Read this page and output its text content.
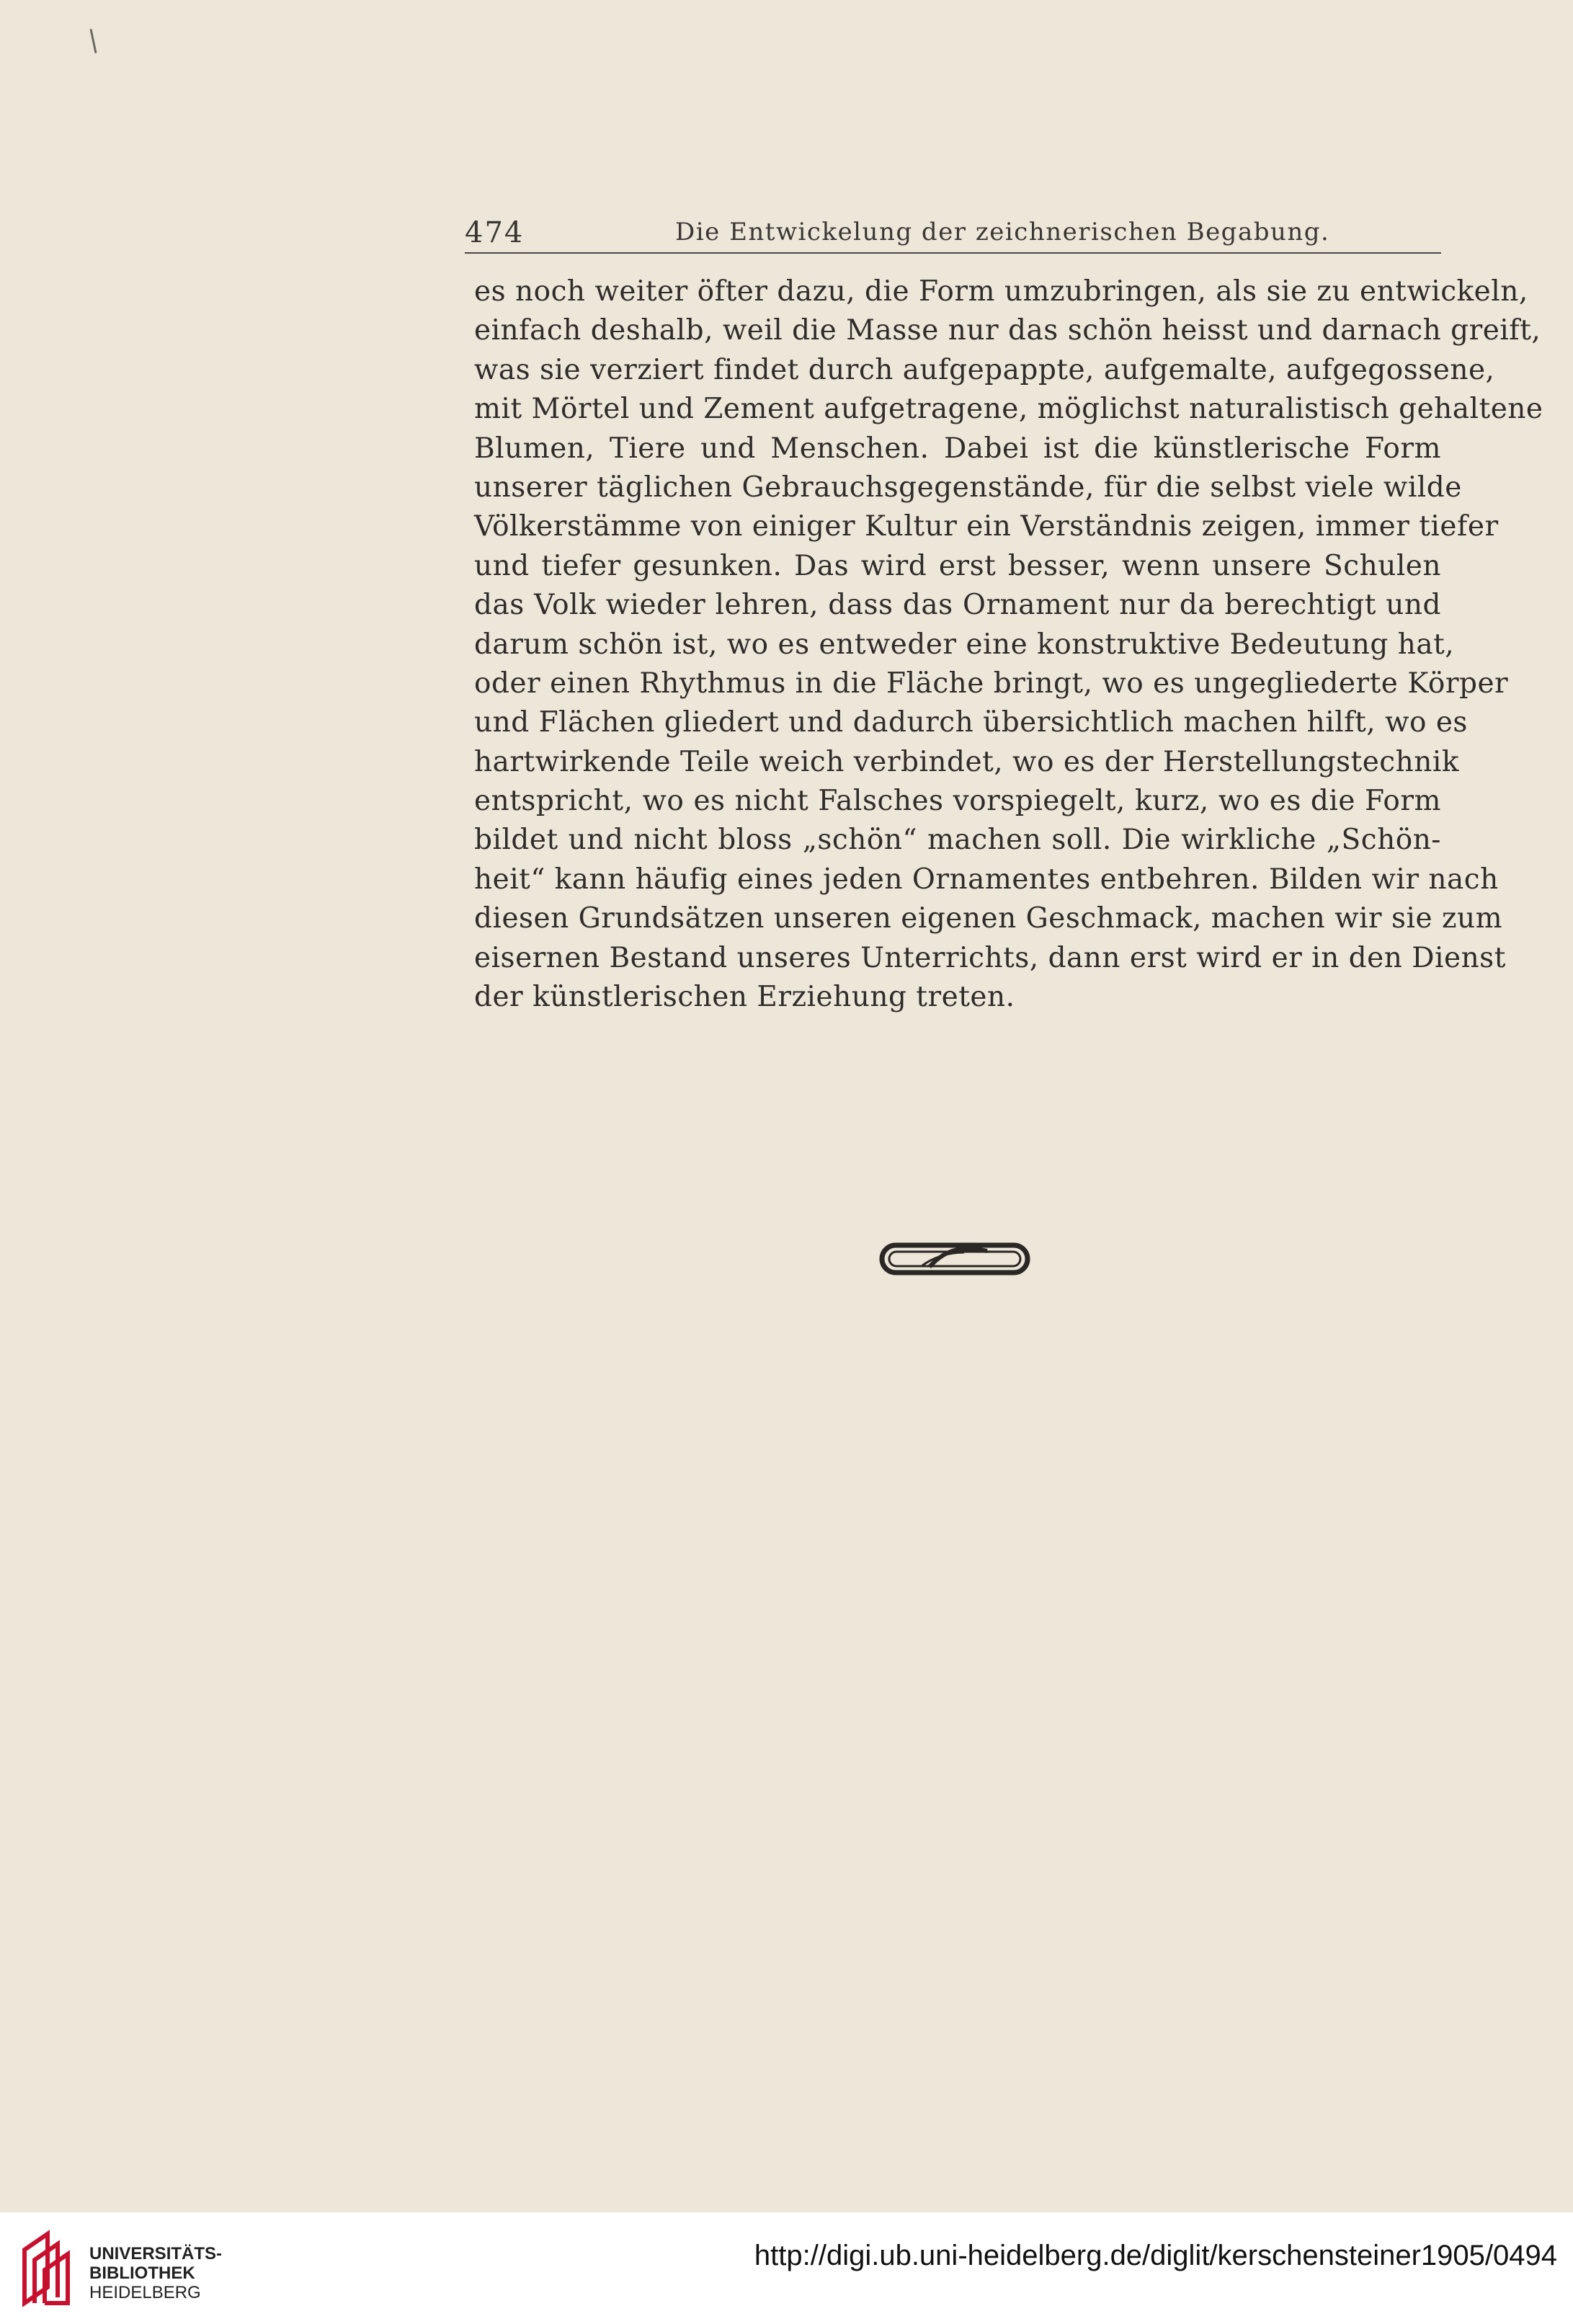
474	Die Entwickelung der zeichnerischen Begabung.
es noch weiter öfter dazu, die Form umzubringen, als sie zu entwickeln,
einfach deshalb, weil die Masse nur das schön heisst und darnach greift,
was sie verziert findet durch aufgepappte, aufgemalte, aufgegossene,
mit Mörtel und Zement aufgetragene, möglichst naturalistisch gehaltene
Blumen, Tiere und Menschen. Dabei ist die künstlerische Form
unserer täglichen Gebrauchsgegenstände, für die selbst viele wilde
Völkerstämme von einiger Kultur ein Verständnis zeigen, immer tiefer
und tiefer gesunken. Das wird erst besser, wenn unsere Schulen
das Volk wieder lehren, dass das Ornament nur da berechtigt und
darum schön ist, wo es entweder eine konstruktive Bedeutung hat,
oder einen Rhythmus in die Fläche bringt, wo es ungegliederte Körper
und Flächen gliedert und dadurch übersichtlich machen hilft, wo es
hartwirkende Teile weich verbindet, wo es der Herstellungstechnik
entspricht, wo es nicht Falsches vorspiegelt, kurz, wo es die Form
bildet und nicht bloss „schön“ machen soll. Die wirkliche „Schön-
heit“ kann häufig eines jeden Ornamentes entbehren. Bilden wir nach
diesen Grundsätzen unseren eigenen Geschmack, machen wir sie zum
eisernen Bestand unseres Unterrichts, dann erst wird er in den Dienst
der künstlerischen Erziehung treten.
UNIVERSITÄTS-
BIBLIOTHEK
HEIDELBERG
http://digi.ub.uni-heidelberg.de/diglit/kerschensteiner1905/0494
